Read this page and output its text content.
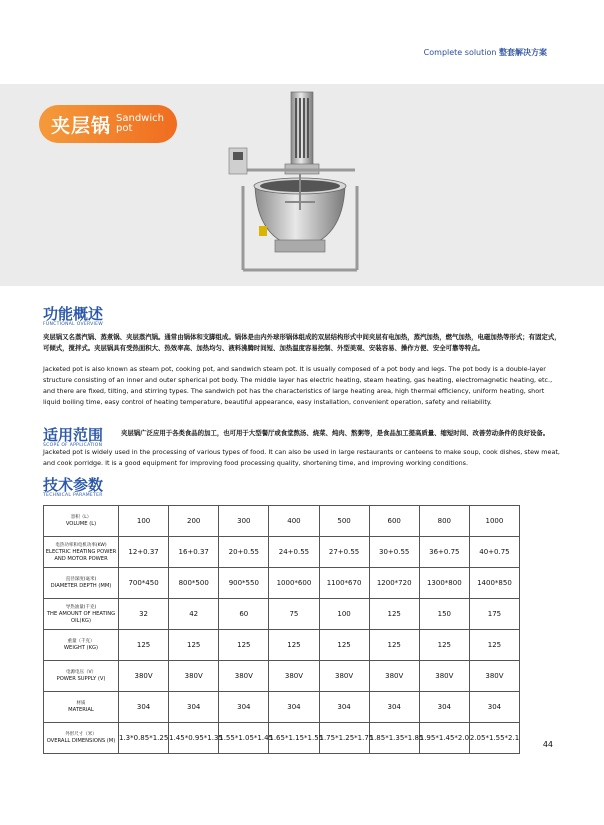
Complete solution 整套解决方案
夹层锅 Sandwich
pot
功能概述
FUNCTIONAL OVERVIEW
夹层锅又名蒸汽锅、蒸煮锅、夹层蒸汽锅。通常由锅体和支脚组成。锅体是由内外球形锅体组成的双层结构形式中间夹层有电加热，蒸汽加热，燃气加热，电磁加热等形式；有固定式，可倾式，搅拌式。夹层锅具有受热面积大、热效率高、加热均匀、液料沸腾时间短、加热温度容易控制、外型美观、安装容易、操作方便、安全可靠等特点。
Jacketed pot is also known as steam pot, cooking pot, and sandwich steam pot. It is usually composed of a pot body and legs. The pot body is a double-layer structure consisting of an inner and outer spherical pot body. The middle layer has electric heating, steam heating, gas heating, electromagnetic heating, etc., and there are fixed, tilting, and stirring types. The sandwich pot has the characteristics of large heating area, high thermal efficiency, uniform heating, short liquid boiling time, easy control of heating temperature, beautiful appearance, easy installation, convenient operation, safety and reliability.
适用范围
SCOPE OF APPLICATION
夹层锅广泛应用于各类食品的加工，也可用于大型餐厅或食堂熬汤、烧菜、炖肉、熬粥等，是食品加工提高质量、缩短时间、改善劳动条件的良好设备。
Jacketed pot is widely used in the processing of various types of food. It can also be used in large restaurants or canteens to make soup, cook dishes, stew meat, and cook porridge. It is a good equipment for improving food processing quality, shortening time, and improving working conditions.
技术参数
TECHNICAL PARAMETER
容积（L）
VOLUME (L)	100	200	300	400	500	600	800	1000

电热功率和电机功率(KW)
ELECTRIC HEATING POWER AND MOTOR POWER	12+0.37	16+0.37	20+0.55	24+0.55	27+0.55	30+0.55	36+0.75	40+0.75

直径深度(毫米)
DIAMETER DEPTH (MM)	700*450	800*500	900*550	1000*600	1100*670	1200*720	1300*800	1400*850

导热油量(千克)
THE AMOUNT OF HEATING OIL(KG)	32	42	60	75	100	125	150	175

重量（千克）
WEIGHT (KG)	125	125	125	125	125	125	125	125

电源电压（V）
POWER SUPPLY (V)	380V	380V	380V	380V	380V	380V	380V	380V

材质
MATERIAL	304	304	304	304	304	304	304	304

外形尺寸（米）
OVERALL DIMENSIONS (M)	1.3*0.85*1.25	1.45*0.95*1.35	1.55*1.05*1.45	1.65*1.15*1.55	1.75*1.25*1.75	1.85*1.35*1.85	1.95*1.45*2.0	2.05*1.55*2.1
44
